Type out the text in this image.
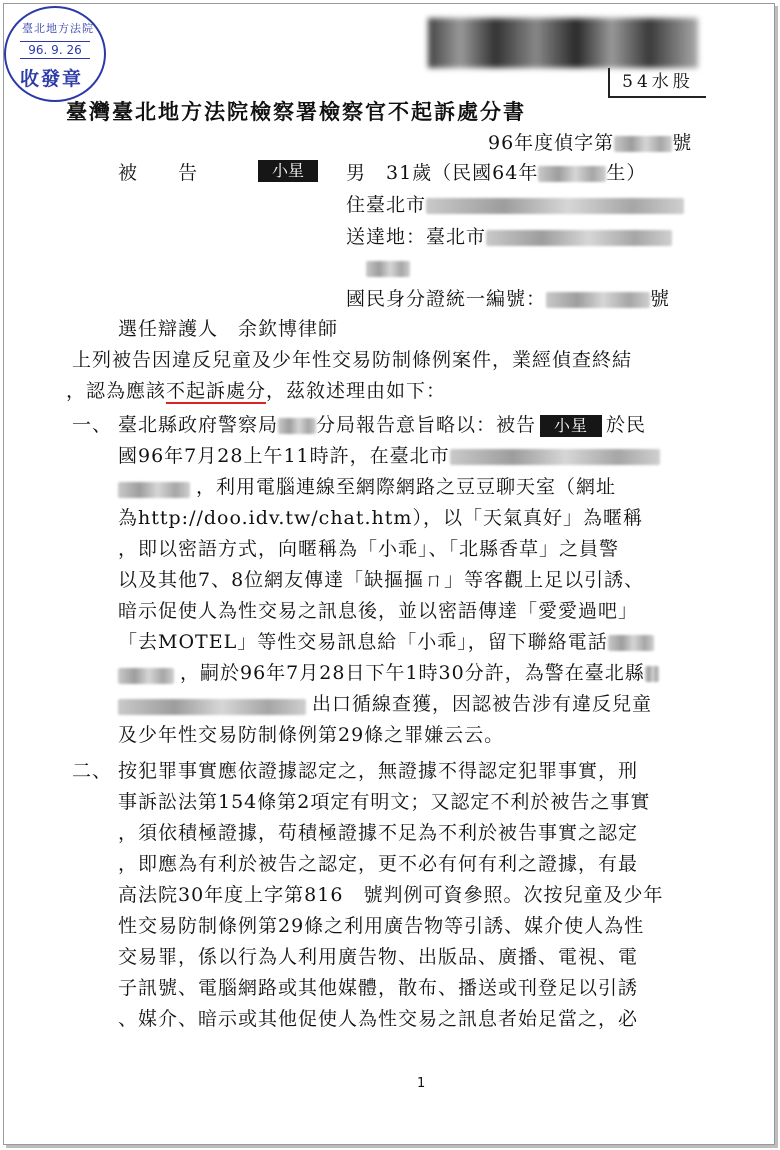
臺北地方法院
96. 9. 26
收發章	54水股
臺灣臺北地方法院檢察署檢察官不起訴處分書
96年度偵字第	號
被　　告	小星	男　31歲（民國64年	生）
住臺北市
送達地：臺北市
國民身分證統一編號：	號
選任辯護人　 余欽博律師
上列被告因違反兒童及少年性交易防制條例案件，業經偵查終結
，認為應該不起訴處分，茲敘述理由如下：
一、 臺北縣政府警察局 分局報告意旨略以：被告 小星 於民
國96年7月28上午11時許，在臺北市
，利用電腦連線至網際網路之豆豆聊天室（網址
為http://doo.idv.tw/chat.htm），以「天氣真好」為暱稱
，即以密語方式，向暱稱為「小乖」、「北縣香草」之員警
以及其他7、8位網友傳達「缺摳摳ㄇ」等客觀上足以引誘、
暗示促使人為性交易之訊息後，並以密語傳達「愛愛過吧」
「去MOTEL」等性交易訊息給「小乖」，留下聯絡電話
，嗣於96年7月28日下午1時30分許，為警在臺北縣
出口循線查獲，因認被告涉有違反兒童
及少年性交易防制條例第29條之罪嫌云云。
二、 按犯罪事實應依證據認定之，無證據不得認定犯罪事實，刑
事訴訟法第154條第2項定有明文；又認定不利於被告之事實
，須依積極證據，苟積極證據不足為不利於被告事實之認定
，即應為有利於被告之認定，更不必有何有利之證據，有最
高法院30年度上字第816　號判例可資參照。次按兒童及少年
性交易防制條例第29條之利用廣告物等引誘、媒介使人為性
交易罪，係以行為人利用廣告物、出版品、廣播、電視、電
子訊號、電腦網路或其他媒體，散布、播送或刊登足以引誘
、媒介、暗示或其他促使人為性交易之訊息者始足當之，必
1
